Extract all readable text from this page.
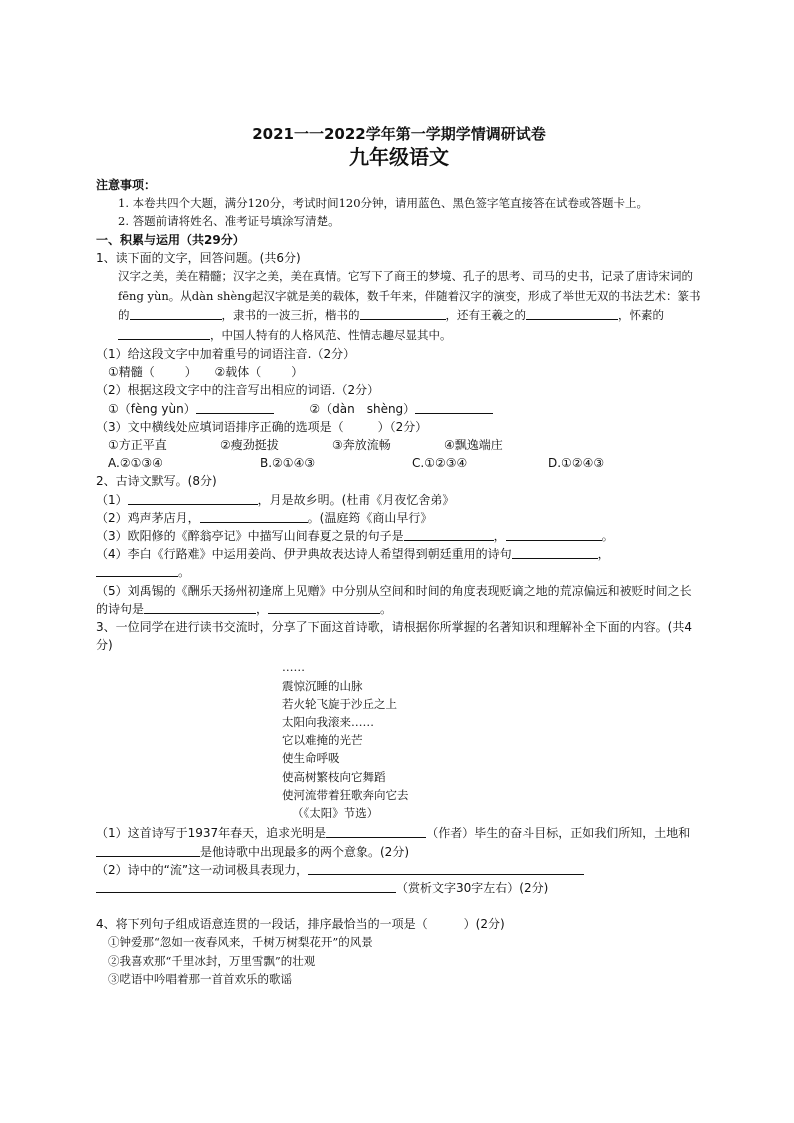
2021一一2022学年第一学期学情调研试卷

九年级语文

注意事项：

1. 本卷共四个大题，满分120分，考试时间120分钟，请用蓝色、黑色签字笔直接答在试卷或答题卡上。

2. 答题前请将姓名、准考证号填涂写清楚。

一、积累与运用（共29分）

1、读下面的文字，回答问题。(共6分)

汉字之美，美在精髓；汉字之美，美在真情。它写下了商王的梦境、孔子的思考、司马的史书，记录了唐诗宋词的fēng yùn。从dàn shèng起汉字就是美的载体，数千年来，伴随着汉字的演变，形成了举世无双的书法艺术：篆书的	，隶书的一波三折，楷书的	，还有王羲之的	，怀素的，中国人特有的人格风范、性情志趣尽显其中。

（1）给这段文字中加着重号的词语注音.（2分）

①精髓（	） ②载体（	）

（2）根据这段文字中的注音写出相应的词语.（2分）

①（fèng yùn）	②（dàn　shèng）

（3）文中横线处应填词语排序正确的选项是（	）（2分）

①方正平直	②瘦劲挺拔	③奔放流畅	④飘逸端庄
A.②①③④	B.②①④③	C.①②③④	D.①②④③

2、古诗文默写。(8分)

（1）	，月是故乡明。(杜甫《月夜忆舍弟》

（2）鸡声茅店月，	。(温庭筠《商山早行》

（3）欧阳修的《醉翁亭记》中描写山间春夏之景的句子是	，	。

（4）李白《行路难》中运用姜尚、伊尹典故表达诗人希望得到朝廷重用的诗句	，

。

（5）刘禹锡的《酬乐天扬州初逢席上见赠》中分别从空间和时间的角度表现贬谪之地的荒凉偏远和被贬时间之长的诗句是	，	。

3、一位同学在进行读书交流时，分享了下面这首诗歌，请根据你所掌握的名著知识和理解补全下面的内容。(共4分)

……
震惊沉睡的山脉
若火轮飞旋于沙丘之上
太阳向我滚来……
它以难掩的光芒
使生命呼吸
使高树繁枝向它舞蹈
使河流带着狂歌奔向它去
（《太阳》节选）

（1）这首诗写于1937年春天，追求光明是	（作者）毕生的奋斗目标，正如我们所知，土地和是他诗歌中出现最多的两个意象。(2分)

（2）诗中的“流”这一动词极具表现力，

（赏析文字30字左右）(2分)

4、将下列句子组成语意连贯的一段话，排序最恰当的一项是（	）(2分)

①钟爱那“忽如一夜春风来，千树万树梨花开”的风景

②我喜欢那“千里冰封，万里雪飘”的壮观

③呓语中吟唱着那一首首欢乐的歌谣
